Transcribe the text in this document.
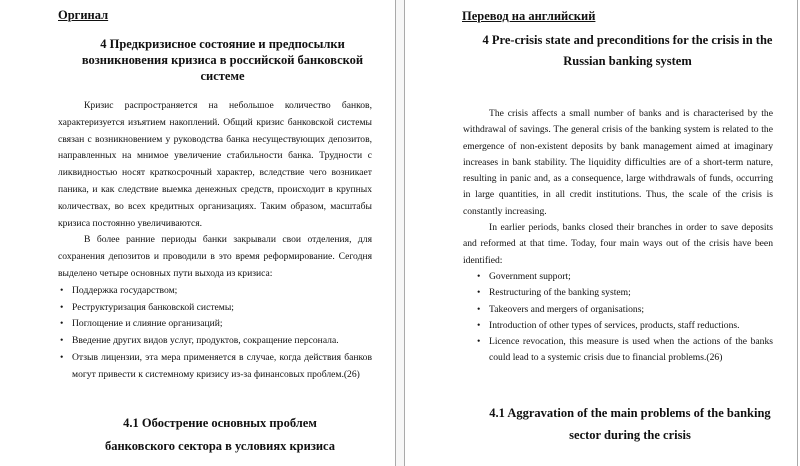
Оргинал
4 Предкризисное состояние и предпосылки возникновения кризиса в российской банковской системе

Кризис распространяется на небольшое количество банков, характеризуется изъятием накоплений. Общий кризис банковской системы связан с возникновением у руководства банка несуществующих депозитов, направленных на мнимое увеличение стабильности банка. Трудности с ликвидностью носят краткосрочный характер, вследствие чего возникает паника, и как следствие выемка денежных средств, происходит в крупных количествах, во всех кредитных организациях. Таким образом, масштабы кризиса постоянно увеличиваются.

В более ранние периоды банки закрывали свои отделения, для сохранения депозитов и проводили в это время реформирование. Сегодня выделено четыре основных пути выхода из кризиса:

• Поддержка государством;
• Реструктуризация банковской системы;
• Поглощение и слияние организаций;
• Введение других видов услуг, продуктов, сокращение персонала.
• Отзыв лицензии, эта мера применяется в случае, когда действия банков могут привести к системному кризису из-за финансовых проблем.(26)
4.1 Обострение основных проблем банковского сектора в условиях кризиса
Перевод на английский
4 Pre-crisis state and preconditions for the crisis in the Russian banking system

The crisis affects a small number of banks and is characterised by the withdrawal of savings. The general crisis of the banking system is related to the emergence of non-existent deposits by bank management aimed at imaginary increases in bank stability. The liquidity difficulties are of a short-term nature, resulting in panic and, as a consequence, large withdrawals of funds, occurring in large quantities, in all credit institutions. Thus, the scale of the crisis is constantly increasing.

In earlier periods, banks closed their branches in order to save deposits and reformed at that time. Today, four main ways out of the crisis have been identified:

• Government support;
• Restructuring of the banking system;
• Takeovers and mergers of organisations;
• Introduction of other types of services, products, staff reductions.
• Licence revocation, this measure is used when the actions of the banks could lead to a systemic crisis due to financial problems.(26)
4.1 Aggravation of the main problems of the banking sector during the crisis
